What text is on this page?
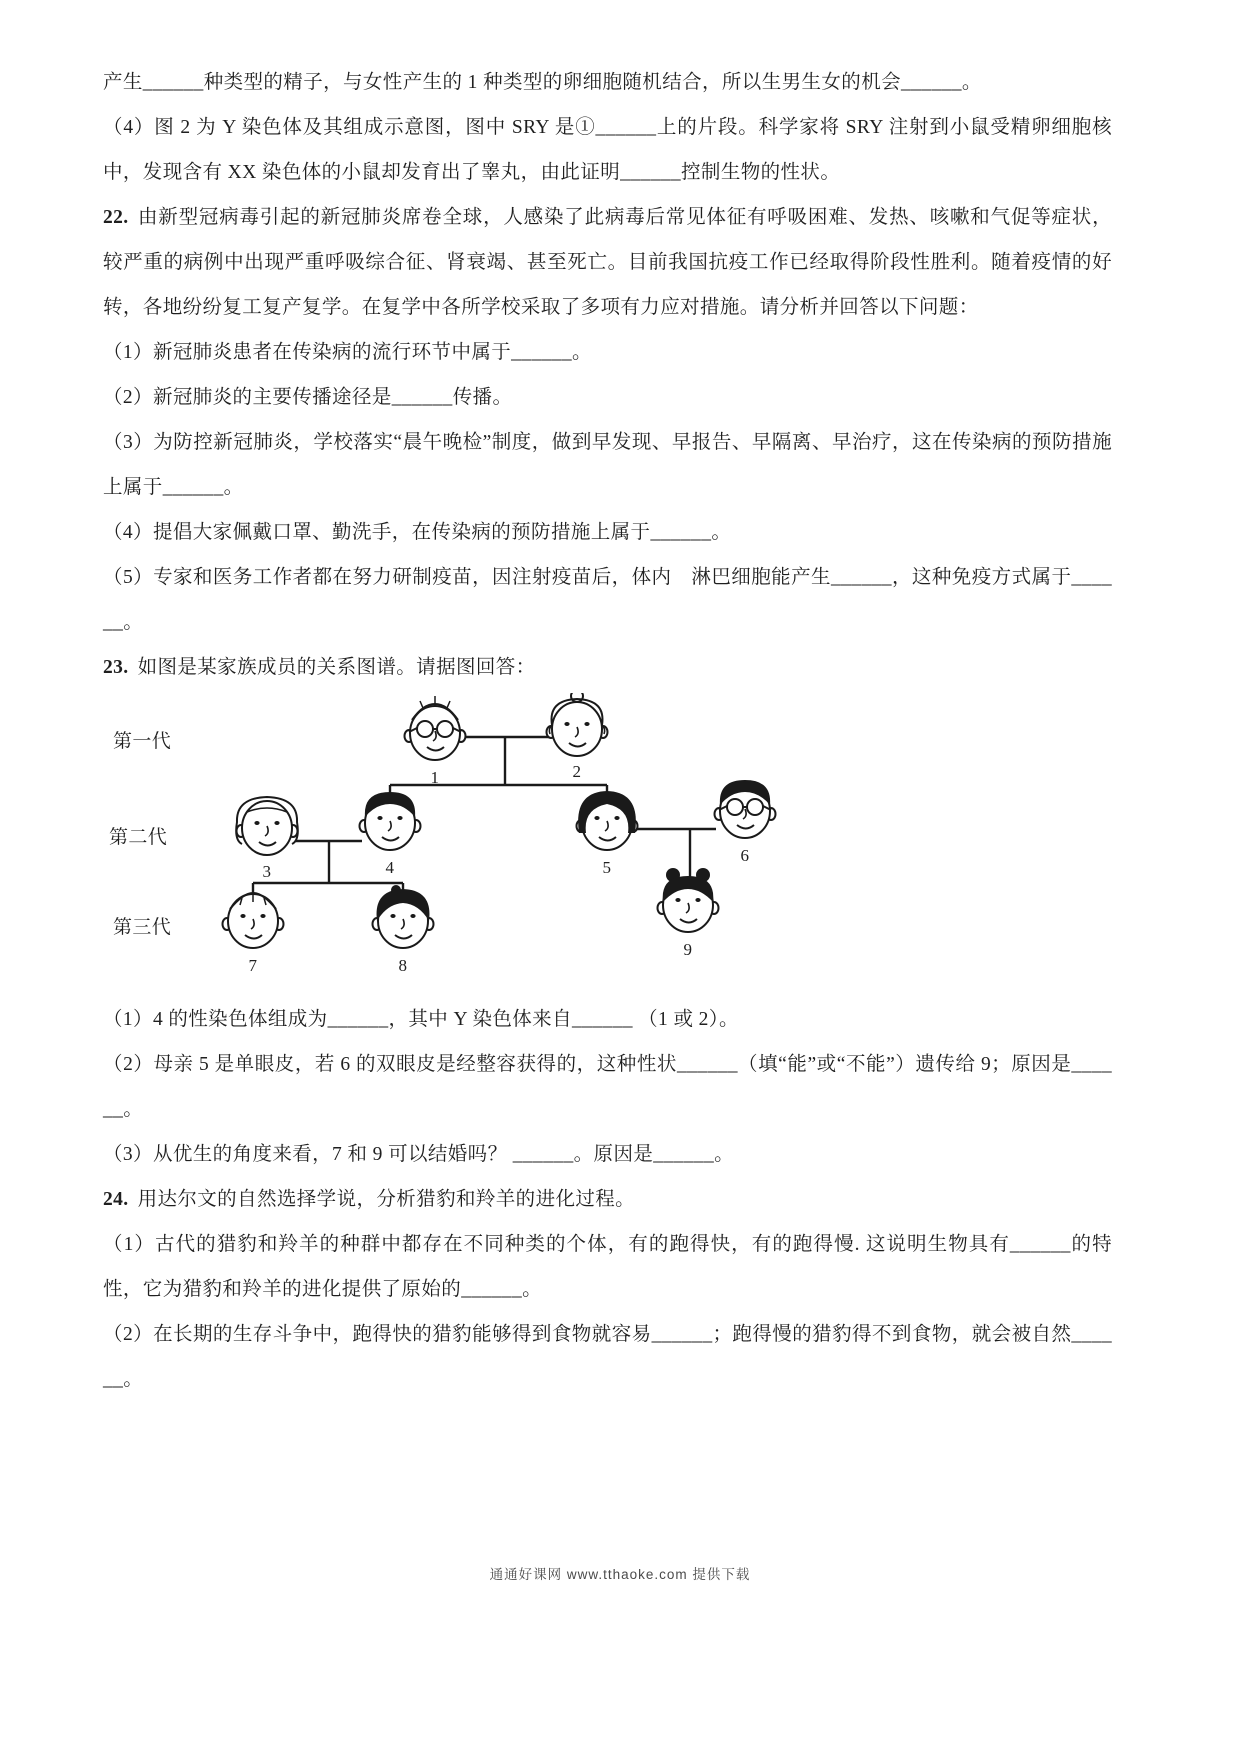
产生______种类型的精子，与女性产生的 1 种类型的卵细胞随机结合，所以生男生女的机会______。

（4）图 2 为 Y 染色体及其组成示意图，图中 SRY 是①______上的片段。科学家将 SRY 注射到小鼠受精卵细胞核中，发现含有 XX 染色体的小鼠却发育出了睾丸，由此证明______控制生物的性状。

22. 由新型冠病毒引起的新冠肺炎席卷全球，人感染了此病毒后常见体征有呼吸困难、发热、咳嗽和气促等症状，较严重的病例中出现严重呼吸综合征、肾衰竭、甚至死亡。目前我国抗疫工作已经取得阶段性胜利。随着疫情的好转，各地纷纷复工复产复学。在复学中各所学校采取了多项有力应对措施。请分析并回答以下问题：

（1）新冠肺炎患者在传染病的流行环节中属于______。

（2）新冠肺炎的主要传播途径是______传播。

（3）为防控新冠肺炎，学校落实“晨午晚检”制度，做到早发现、早报告、早隔离、早治疗，这在传染病的预防措施上属于______。

（4）提倡大家佩戴口罩、勤洗手，在传染病的预防措施上属于______。

（5）专家和医务工作者都在努力研制疫苗，因注射疫苗后，体内　淋巴细胞能产生______，这种免疫方式属于______。

23. 如图是某家族成员的关系图谱。请据图回答：

第一代
第二代
第三代
1	2
3	4	5
6
7	8
9

（1）4 的性染色体组成为______，其中 Y 染色体来自______ （1 或 2）。

（2）母亲 5 是单眼皮，若 6 的双眼皮是经整容获得的，这种性状______（填“能”或“不能”）遗传给 9；原因是______。

（3）从优生的角度来看，7 和 9 可以结婚吗？ ______。原因是______。

24. 用达尔文的自然选择学说，分析猎豹和羚羊的进化过程。

（1）古代的猎豹和羚羊的种群中都存在不同种类的个体，有的跑得快，有的跑得慢. 这说明生物具有______的特性，它为猎豹和羚羊的进化提供了原始的______。

（2）在长期的生存斗争中，跑得快的猎豹能够得到食物就容易______；跑得慢的猎豹得不到食物，就会被自然______。

通通好课网 www.tthaoke.com 提供下载
